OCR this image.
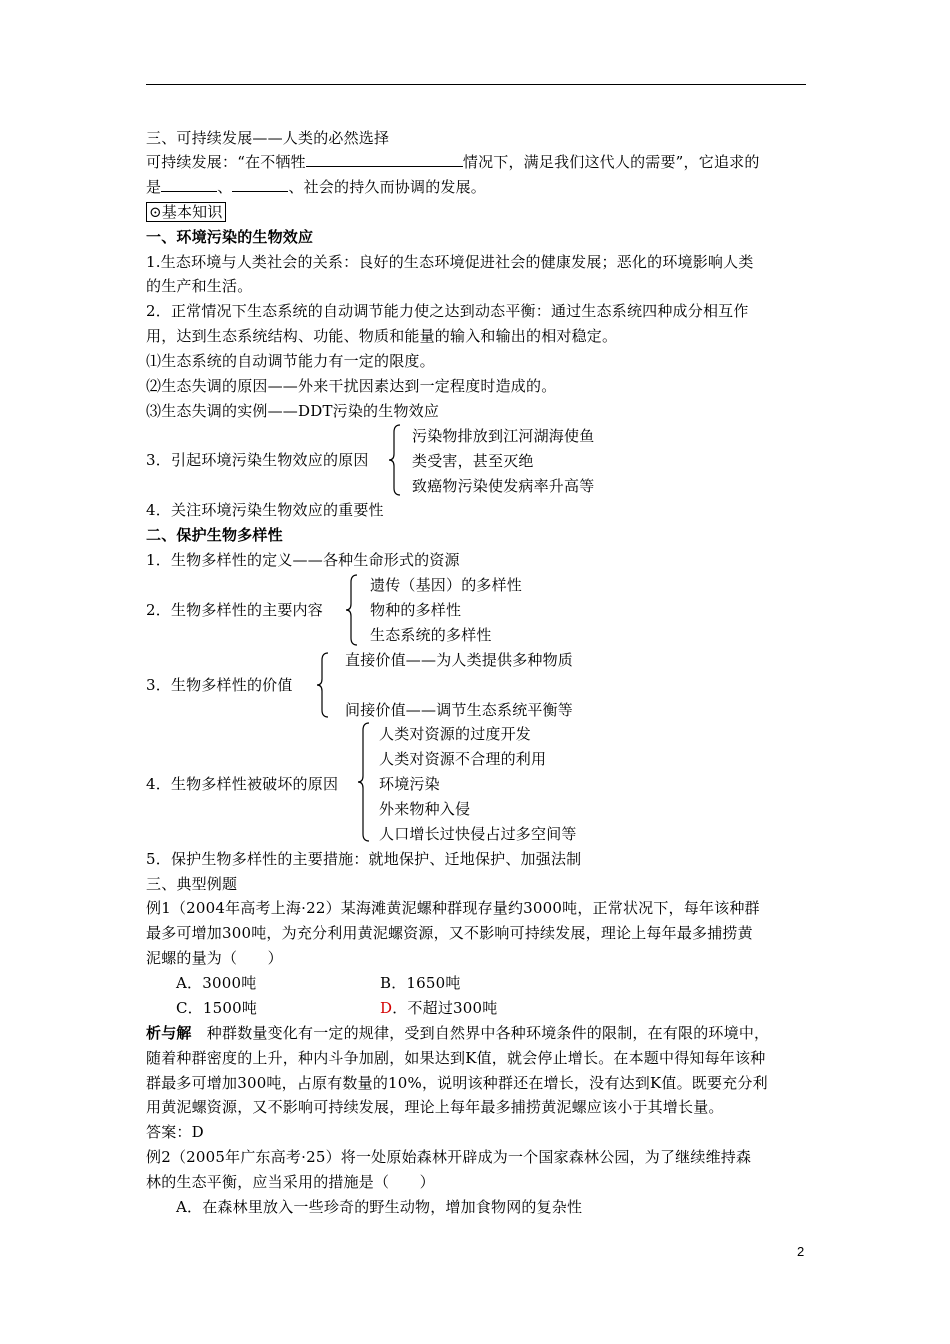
三、可持续发展——人类的必然选择
可持续发展：“在不牺牲	情况下，满足我们这代人的需要”，它追求的
是	、	、社会的持久而协调的发展。
⊙基本知识
一、环境污染的生物效应
1.生态环境与人类社会的关系：良好的生态环境促进社会的健康发展；恶化的环境影响人类
的生产和生活。
2．正常情况下生态系统的自动调节能力使之达到动态平衡：通过生态系统四种成分相互作
用，达到生态系统结构、功能、物质和能量的输入和输出的相对稳定。
⑴生态系统的自动调节能力有一定的限度。
⑵生态失调的原因——外来干扰因素达到一定程度时造成的。
⑶生态失调的实例——DDT污染的生物效应
3．引起环境污染生物效应的原因
污染物排放到江河湖海使鱼
类受害，甚至灭绝
致癌物污染使发病率升高等
4．关注环境污染生物效应的重要性
二、保护生物多样性
1．生物多样性的定义——各种生命形式的资源
2．生物多样性的主要内容
遗传（基因）的多样性
物种的多样性
生态系统的多样性
3．生物多样性的价值
直接价值——为人类提供多种物质
间接价值——调节生态系统平衡等
4．生物多样性被破坏的原因
人类对资源的过度开发
人类对资源不合理的利用
环境污染
外来物种入侵
人口增长过快侵占过多空间等
5．保护生物多样性的主要措施：就地保护、迁地保护、加强法制
三、典型例题
例1（2004年高考上海·22）某海滩黄泥螺种群现存量约3000吨，正常状况下，每年该种群
最多可增加300吨，为充分利用黄泥螺资源，又不影响可持续发展，理论上每年最多捕捞黄
泥螺的量为（　　）
A．3000吨	B．1650吨
C．1500吨	D．不超过300吨
析与解　种群数量变化有一定的规律，受到自然界中各种环境条件的限制，在有限的环境中，
随着种群密度的上升，种内斗争加剧，如果达到K值，就会停止增长。在本题中得知每年该种
群最多可增加300吨，占原有数量的10%，说明该种群还在增长，没有达到K值。既要充分利
用黄泥螺资源，又不影响可持续发展，理论上每年最多捕捞黄泥螺应该小于其增长量。
答案：D
例2（2005年广东高考·25）将一处原始森林开辟成为一个国家森林公园，为了继续维持森
林的生态平衡，应当采用的措施是（　　）
A．在森林里放入一些珍奇的野生动物，增加食物网的复杂性
2
